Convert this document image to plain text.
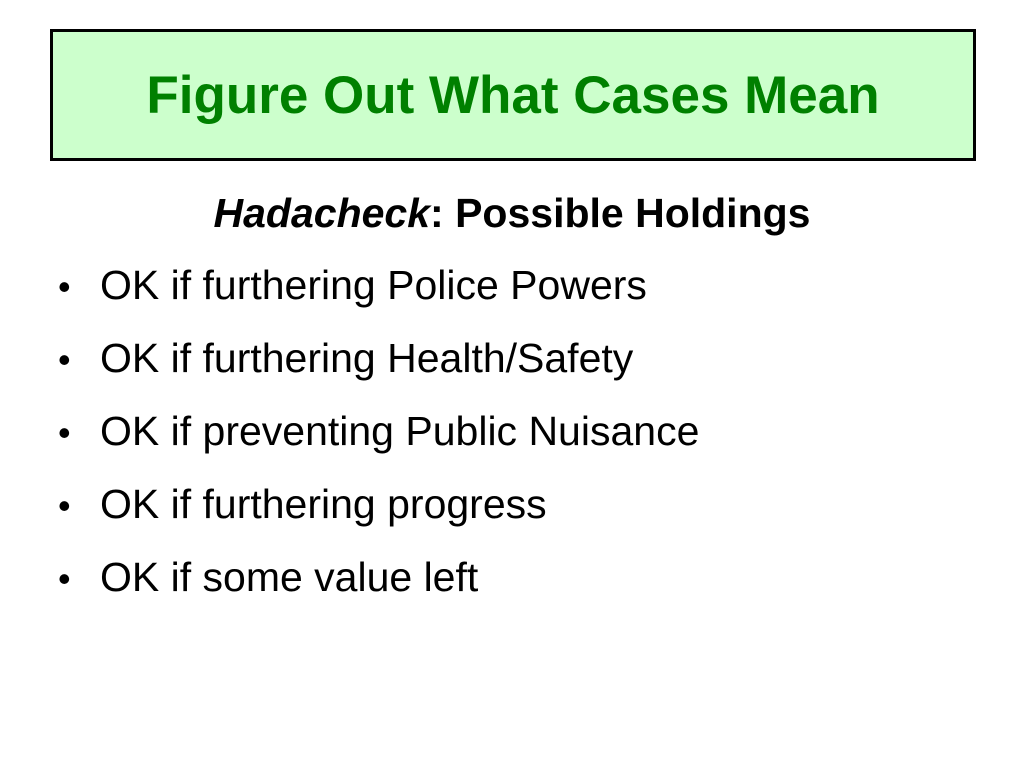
Figure Out What Cases Mean
Hadacheck: Possible Holdings
• OK if furthering Police Powers
• OK if furthering Health/Safety
• OK if preventing Public Nuisance
• OK if furthering progress
• OK if some value left
